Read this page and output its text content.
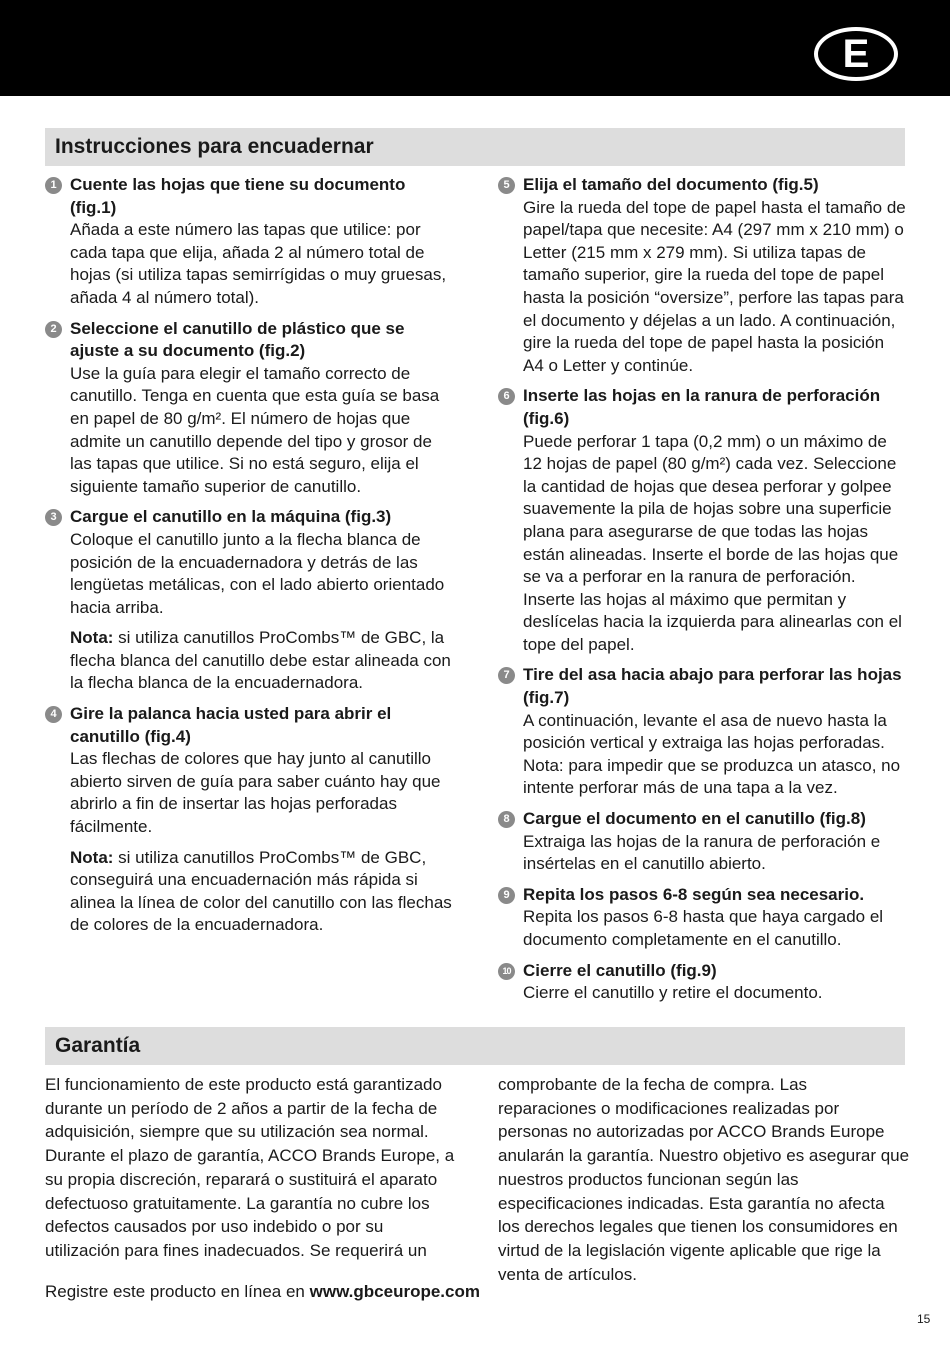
E
Instrucciones para encuadernar
1 Cuente las hojas que tiene su documento (fig.1)
Añada a este número las tapas que utilice: por cada tapa que elija, añada 2 al número total de hojas (si utiliza tapas semirrígidas o muy gruesas, añada 4 al número total).
2 Seleccione el canutillo de plástico que se ajuste a su documento (fig.2)
Use la guía para elegir el tamaño correcto de canutillo. Tenga en cuenta que esta guía se basa en papel de 80 g/m². El número de hojas que admite un canutillo depende del tipo y grosor de las tapas que utilice. Si no está seguro, elija el siguiente tamaño superior de canutillo.
3 Cargue el canutillo en la máquina (fig.3)
Coloque el canutillo junto a la flecha blanca de posición de la encuadernadora y detrás de las lengüetas metálicas, con el lado abierto orientado hacia arriba.
Nota: si utiliza canutillos ProCombs™ de GBC, la flecha blanca del canutillo debe estar alineada con la flecha blanca de la encuadernadora.
4 Gire la palanca hacia usted para abrir el canutillo (fig.4)
Las flechas de colores que hay junto al canutillo abierto sirven de guía para saber cuánto hay que abrirlo a fin de insertar las hojas perforadas fácilmente.
Nota: si utiliza canutillos ProCombs™ de GBC, conseguirá una encuadernación más rápida si alinea la línea de color del canutillo con las flechas de colores de la encuadernadora.
5 Elija el tamaño del documento (fig.5)
Gire la rueda del tope de papel hasta el tamaño de papel/tapa que necesite: A4 (297 mm x 210 mm) o Letter (215 mm x 279 mm). Si utiliza tapas de tamaño superior, gire la rueda del tope de papel hasta la posición “oversize”, perfore las tapas para el documento y déjelas a un lado. A continuación, gire la rueda del tope de papel hasta la posición A4 o Letter y continúe.
6 Inserte las hojas en la ranura de perforación (fig.6)
Puede perforar 1 tapa (0,2 mm) o un máximo de 12 hojas de papel (80 g/m²) cada vez. Seleccione la cantidad de hojas que desea perforar y golpee suavemente la pila de hojas sobre una superficie plana para asegurarse de que todas las hojas están alineadas. Inserte el borde de las hojas que se va a perforar en la ranura de perforación. Inserte las hojas al máximo que permitan y deslícelas hacia la izquierda para alinearlas con el tope del papel.
7 Tire del asa hacia abajo para perforar las hojas (fig.7)
A continuación, levante el asa de nuevo hasta la posición vertical y extraiga las hojas perforadas. Nota: para impedir que se produzca un atasco, no intente perforar más de una tapa a la vez.
8 Cargue el documento en el canutillo (fig.8)
Extraiga las hojas de la ranura de perforación e insértelas en el canutillo abierto.
9 Repita los pasos 6-8 según sea necesario.
Repita los pasos 6-8 hasta que haya cargado el documento completamente en el canutillo.
10 Cierre el canutillo (fig.9)
Cierre el canutillo y retire el documento.
Garantía
El funcionamiento de este producto está garantizado durante un período de 2 años a partir de la fecha de adquisición, siempre que su utilización sea normal. Durante el plazo de garantía, ACCO Brands Europe, a su propia discreción, reparará o sustituirá el aparato defectuoso gratuitamente. La garantía no cubre los defectos causados por uso indebido o por su utilización para fines inadecuados. Se requerirá un
comprobante de la fecha de compra. Las reparaciones o modificaciones realizadas por personas no autorizadas por ACCO Brands Europe anularán la garantía. Nuestro objetivo es asegurar que nuestros productos funcionan según las especificaciones indicadas. Esta garantía no afecta los derechos legales que tienen los consumidores en virtud de la legislación vigente aplicable que rige la venta de artículos.
Registre este producto en línea en www.gbceurope.com
15
